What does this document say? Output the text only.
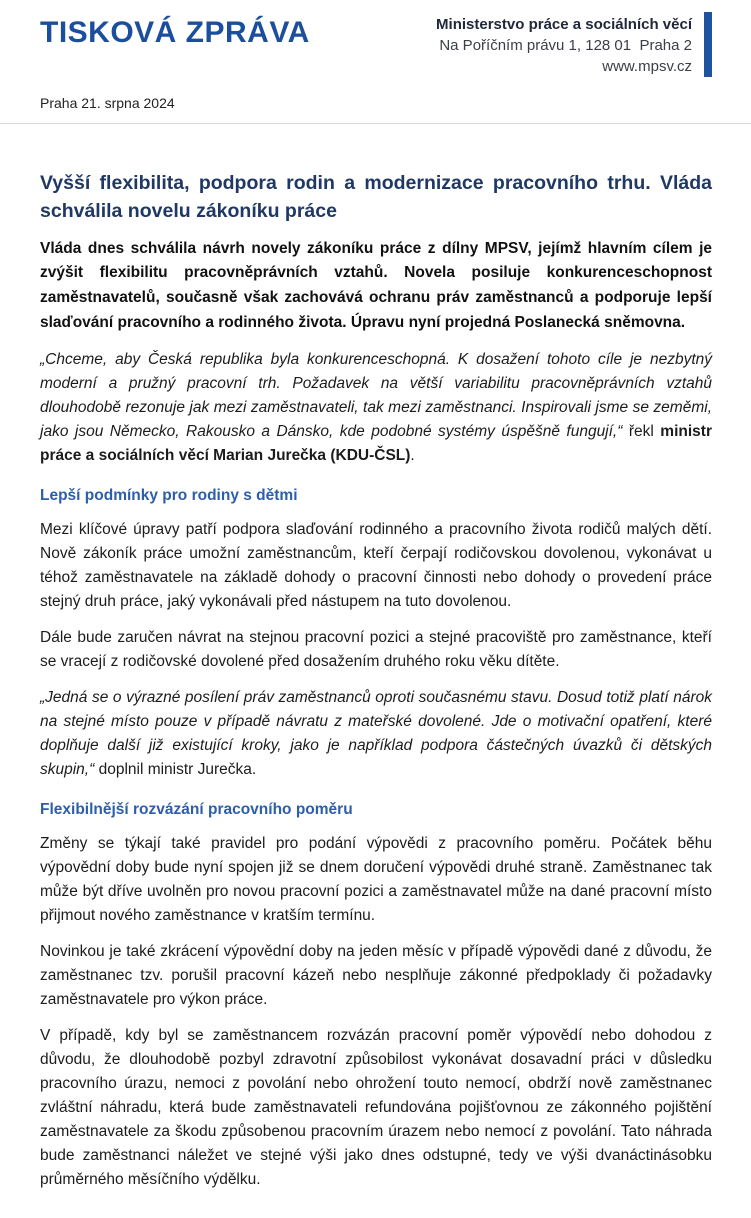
TISKOVÁ ZPRÁVA	Ministerstvo práce a sociálních věcí
Na Poříčním právu 1, 128 01  Praha 2
www.mpsv.cz
Praha 21. srpna 2024
Vyšší flexibilita, podpora rodin a modernizace pracovního trhu. Vláda schválila novelu zákoníku práce

Vláda dnes schválila návrh novely zákoníku práce z dílny MPSV, jejímž hlavním cílem je zvýšit flexibilitu pracovněprávních vztahů. Novela posiluje konkurenceschopnost zaměstnavatelů, současně však zachovává ochranu práv zaměstnanců a podporuje lepší slaďování pracovního a rodinného života. Úpravu nyní projedná Poslanecká sněmovna.

„Chceme, aby Česká republika byla konkurenceschopná. K dosažení tohoto cíle je nezbytný moderní a pružný pracovní trh. Požadavek na větší variabilitu pracovněprávních vztahů dlouhodobě rezonuje jak mezi zaměstnavateli, tak mezi zaměstnanci. Inspirovali jsme se zeměmi, jako jsou Německo, Rakousko a Dánsko, kde podobné systémy úspěšně fungují,“ řekl ministr práce a sociálních věcí Marian Jurečka (KDU-ČSL).

Lepší podmínky pro rodiny s dětmi

Mezi klíčové úpravy patří podpora slaďování rodinného a pracovního života rodičů malých dětí. Nově zákoník práce umožní zaměstnancům, kteří čerpají rodičovskou dovolenou, vykonávat u téhož zaměstnavatele na základě dohody o pracovní činnosti nebo dohody o provedení práce stejný druh práce, jaký vykonávali před nástupem na tuto dovolenou.

Dále bude zaručen návrat na stejnou pracovní pozici a stejné pracoviště pro zaměstnance, kteří se vracejí z rodičovské dovolené před dosažením druhého roku věku dítěte.

„Jedná se o výrazné posílení práv zaměstnanců oproti současnému stavu. Dosud totiž platí nárok na stejné místo pouze v případě návratu z mateřské dovolené. Jde o motivační opatření, které doplňuje další již existující kroky, jako je například podpora částečných úvazků či dětských skupin,“ doplnil ministr Jurečka.

Flexibilnější rozvázání pracovního poměru

Změny se týkají také pravidel pro podání výpovědi z pracovního poměru. Počátek běhu výpovědní doby bude nyní spojen již se dnem doručení výpovědi druhé straně. Zaměstnanec tak může být dříve uvolněn pro novou pracovní pozici a zaměstnavatel může na dané pracovní místo přijmout nového zaměstnance v kratším termínu.

Novinkou je také zkrácení výpovědní doby na jeden měsíc v případě výpovědi dané z důvodu, že zaměstnanec tzv. porušil pracovní kázeň nebo nesplňuje zákonné předpoklady či požadavky zaměstnavatele pro výkon práce.

V případě, kdy byl se zaměstnancem rozvázán pracovní poměr výpovědí nebo dohodou z důvodu, že dlouhodobě pozbyl zdravotní způsobilost vykonávat dosavadní práci v důsledku pracovního úrazu, nemoci z povolání nebo ohrožení touto nemocí, obdrží nově zaměstnanec zvláštní náhradu, která bude zaměstnavateli refundována pojišťovnou ze zákonného pojištění zaměstnavatele za škodu způsobenou pracovním úrazem nebo nemocí z povolání. Tato náhrada bude zaměstnanci náležet ve stejné výši jako dnes odstupné, tedy ve výši dvanáctinásobku průměrného měsíčního výdělku.
